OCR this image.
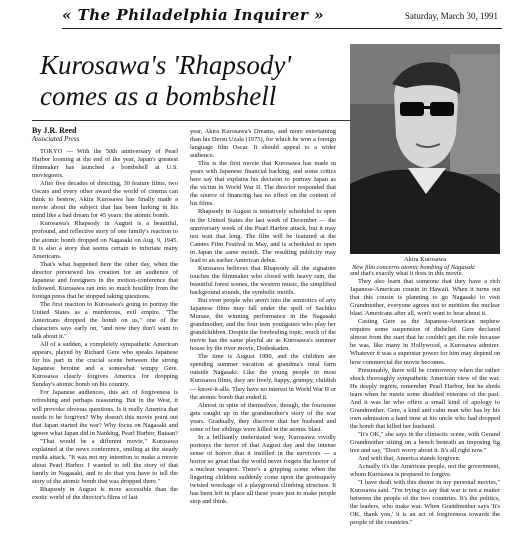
« The Philadelphia Inquirer »	Saturday, March 30, 1991
Kurosawa's 'Rhapsody'
comes as a bombshell
By J.R. Reed
Associated Press

TOKYO — With the 50th anniversary of Pearl Harbor looming at the end of the year, Japan's greatest filmmaker has launched a bombshell at U.S. moviegoers.

After five decades of directing, 30 feature films, two Oscars and every other award the world of cinema can think to bestow, Akira Kurosawa has finally made a movie about the subject that has been lurking in his mind like a bad dream for 45 years: the atomic bomb.

Kurosawa's Rhapsody in August is a beautiful, profound, and reflective story of one family's reaction to the atomic bomb dropped on Nagasaki on Aug. 9, 1945. It is also a story that seems certain to infuriate many Americans.

That's what happened here the other day, when the director previewed his creation for an audience of Japanese and foreigners in the motion-conference that followed. Kurosawa ran into so much hostility from the foreign press that he stopped taking questions.

The first reaction to Kurosawa's going to portray the United States as a murderous, evil empire. "The Americans dropped the bomb on us," one of the characters says early on, "and now they don't want to talk about it."

All of a sudden, a completely sympathetic American appears, played by Richard Gere who speaks Japanese for his part in the crucial scene between the strong Japanese heroine and a somewhat wimpy Gere. Kurosawa clearly forgives America for dropping Sunday's atomic bomb on his country.

For Japanese audiences, this act of forgiveness is refreshing and perhaps reassuring. But in the West, it will provoke obvious questions. Is it really America that needs to be forgiven? Why doesn't this movie point out that Japan started the war? Why focus on Nagasaki and ignore what Japan did in Nanking, Pearl Harbor, Bataan?

"That would be a different movie," Kurosawa explained at the news conference, smiling at the steady media attack. "It was not my intention to make a movie about Pearl Harbor. I wanted to tell the story of that family in Nagasaki, and to do that you have to tell the story of the atomic bomb that was dropped there."

Rhapsody in August is more accessible than the exotic world of the director's films of last

year, Akira Kurosawa's Dreams, and more entertaining than his Dersu Uzala (1975), for which he won a foreign language film Oscar. It should appeal to a wider audience.

This is the first movie that Kurosawa has made in years with Japanese financial backing, and some critics here say that explains his decision to portray Japan as the victim in World War II. The director responded that the source of financing has no effect on the content of his films.

Rhapsody in August is tentatively scheduled to open in the United States the last week of December — the anniversary week of the Pearl Harbor attack, but it may not wait that long. The film will be featured at the Cannes Film Festival in May, and is scheduled to open in Japan the same month. The resulting publicity may lead to an earlier American debut.

Kurosawa believes that Rhapsody all the signature touches the filmmaker who closed with heavy rain, the beautiful forest scenes, the western music, the simplified background sounds, the symbolic motifs.

But even people who aren't into the semiotics of arty Japanese films may fall under the spell of Sachiko Murase, the winning performance in the Nagasaki grandmother, and the four teen youngsters who play her grandchildren. Despite the foreboding topic, much of the movie has the same playful air as Kurosawa's summer house by the river movie, Dodeskaden.

The time is August 1990, and the children are spending summer vacation at grandma's rural farm outside Nagasaki. Like the young people in most Kurosawa films, they are lively, happy, grumpy, childish — know-it-alls. They have no interest in World War II or the atomic bomb that ended it.

Almost in spite of themselves, though, the foursome gets caught up in the grandmother's story of the war years. Gradually, they discover that her husband and some of her siblings were killed in the atomic blast.

In a brilliantly understated way, Kurosawa vividly portrays the terror of that August day and the intense sense of horror that it instilled in the survivors — a horror so great that the world never forgets the horror of a nuclear weapon. There's a gripping scene when the lingering children suddenly come upon the grotesquely twisted wreckage of a playground climbing structure. It has been left in place all these years just to make people stop and think.

Akira Kurosawa
New film concerns atomic bombing of Nagasaki

and that's exactly what it does in this movie.

They also learn that someone that they have a rich Japanese-American cousin in Hawaii. When it turns out that this cousin is planning to go Nagasaki to visit Grandmother, everyone agrees not to mention the nuclear blast. Americans after all, won't want to hear about it.

Casting Gere as the Japanese-American nephew requires some suspension of disbelief. Gere declared almost from the start that he couldn't get the role because he was, like many in Hollywood, a Kurosawa admirer. Whatever it was a superstar power for him may depend on how commercial the movie becomes.

Presumably, there will be controversy when the rather shock thoroughly sympathetic American view of the war. He deeply regrets, remember Pearl Harbor, but he sheds tears when he meets some disabled veterans of the past. And it was he who offers a small kind of apology to Grandmother. Gere, a kind and calm man who has by his own admission a hard time at his uncle who had dropped the bomb that killed her husband.

"It's OK," she says in the climactic scene, with Gerand Grandmother sitting on a bench beneath an imposing fig tree and say, "Don't worry about it. It's all right now."

And with that, America stands forgiven.

Actually it's the American people, not the government, whom Kurosawa is prepared to forgive.

"I have dealt with this theme in my personal movies," Kurosawa said. "I'm trying to say that war is not a matter between the people of the two countries. It's the politics, the leaders, who make war. When Grandmother says 'It's OK, thank you,' it is an act of forgiveness towards the people of the countries."
